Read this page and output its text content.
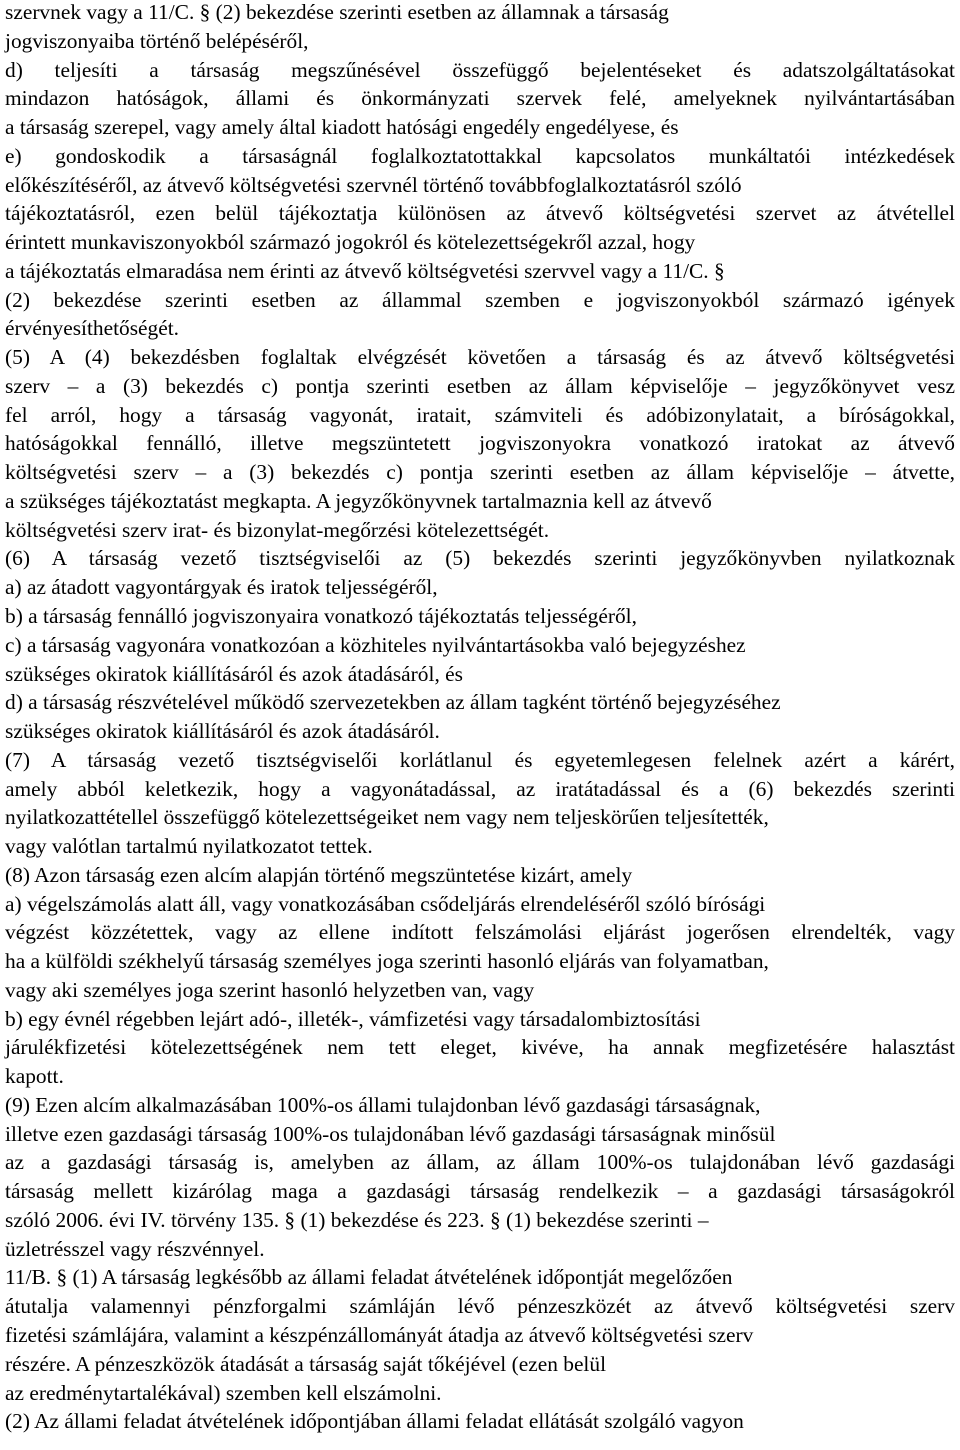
szervnek vagy a 11/C. § (2) bekezdése szerinti esetben az államnak a társaság

jogviszonyaiba történő belépéséről,

d) teljesíti a társaság megszűnésével összefüggő bejelentéseket és adatszolgáltatásokat

mindazon hatóságok, állami és önkormányzati szervek felé, amelyeknek nyilvántartásában

a társaság szerepel, vagy amely által kiadott hatósági engedély engedélyese, és

e) gondoskodik a társaságnál foglalkoztatottakkal kapcsolatos munkáltatói intézkedések

előkészítéséről, az átvevő költségvetési szervnél történő továbbfoglalkoztatásról szóló

tájékoztatásról, ezen belül tájékoztatja különösen az átvevő költségvetési szervet az átvétellel

érintett munkaviszonyokból származó jogokról és kötelezettségekről azzal, hogy

a tájékoztatás elmaradása nem érinti az átvevő költségvetési szervvel vagy a 11/C. §

(2) bekezdése szerinti esetben az állammal szemben e jogviszonyokból származó igények

érvényesíthetőségét.

(5) A (4) bekezdésben foglaltak elvégzését követően a társaság és az átvevő költségvetési

szerv – a (3) bekezdés c) pontja szerinti esetben az állam képviselője – jegyzőkönyvet vesz

fel arról, hogy a társaság vagyonát, iratait, számviteli és adóbizonylatait, a bíróságokkal,

hatóságokkal fennálló, illetve megszüntetett jogviszonyokra vonatkozó iratokat az átvevő

költségvetési szerv – a (3) bekezdés c) pontja szerinti esetben az állam képviselője – átvette,

a szükséges tájékoztatást megkapta. A jegyzőkönyvnek tartalmaznia kell az átvevő

költségvetési szerv irat- és bizonylat-megőrzési kötelezettségét.

(6) A társaság vezető tisztségviselői az (5) bekezdés szerinti jegyzőkönyvben nyilatkoznak

a) az átadott vagyontárgyak és iratok teljességéről,

b) a társaság fennálló jogviszonyaira vonatkozó tájékoztatás teljességéről,

c) a társaság vagyonára vonatkozóan a közhiteles nyilvántartásokba való bejegyzéshez

szükséges okiratok kiállításáról és azok átadásáról, és

d) a társaság részvételével működő szervezetekben az állam tagként történő bejegyzéséhez

szükséges okiratok kiállításáról és azok átadásáról.

(7) A társaság vezető tisztségviselői korlátlanul és egyetemlegesen felelnek azért a kárért,

amely abból keletkezik, hogy a vagyonátadással, az iratátadással és a (6) bekezdés szerinti

nyilatkozattétellel összefüggő kötelezettségeiket nem vagy nem teljeskörűen teljesítették,

vagy valótlan tartalmú nyilatkozatot tettek.

(8) Azon társaság ezen alcím alapján történő megszüntetése kizárt, amely

a) végelszámolás alatt áll, vagy vonatkozásában csődeljárás elrendeléséről szóló bírósági

végzést közzétettek, vagy az ellene indított felszámolási eljárást jogerősen elrendelték, vagy

ha a külföldi székhelyű társaság személyes joga szerinti hasonló eljárás van folyamatban,

vagy aki személyes joga szerint hasonló helyzetben van, vagy

b) egy évnél régebben lejárt adó-, illeték-, vámfizetési vagy társadalombiztosítási

járulékfizetési kötelezettségének nem tett eleget, kivéve, ha annak megfizetésére halasztást

kapott.

(9) Ezen alcím alkalmazásában 100%-os állami tulajdonban lévő gazdasági társaságnak,

illetve ezen gazdasági társaság 100%-os tulajdonában lévő gazdasági társaságnak minősül

az a gazdasági társaság is, amelyben az állam, az állam 100%-os tulajdonában lévő gazdasági

társaság mellett kizárólag maga a gazdasági társaság rendelkezik – a gazdasági társaságokról

szóló 2006. évi IV. törvény 135. § (1) bekezdése és 223. § (1) bekezdése szerinti –

üzletrésszel vagy részvénnyel.

11/B. § (1) A társaság legkésőbb az állami feladat átvételének időpontját megelőzően

átutalja valamennyi pénzforgalmi számláján lévő pénzeszközét az átvevő költségvetési szerv

fizetési számlájára, valamint a készpénzállományát átadja az átvevő költségvetési szerv

részére. A pénzeszközök átadását a társaság saját tőkéjével (ezen belül

az eredménytartalékával) szemben kell elszámolni.

(2) Az állami feladat átvételének időpontjában állami feladat ellátását szolgáló vagyon
